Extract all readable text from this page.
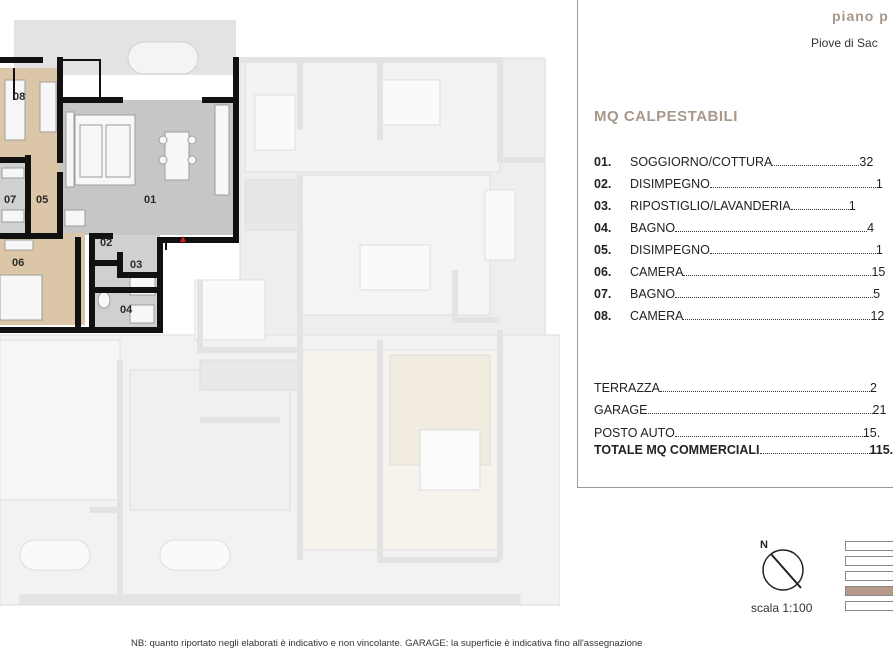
08
07 05	01
02
03
06
04
piano p
Piove di Sac
MQ CALPESTABILI
01.	SOGGIORNO/COTTURA	32
02.	DISIMPEGNO	1
03.	RIPOSTIGLIO/LAVANDERIA	1
04.	BAGNO	4
05.	DISIMPEGNO	1
06.	CAMERA	15
07.	BAGNO	5
08.	CAMERA	12
TERRAZZA	2
GARAGE	21
POSTO AUTO	15.
TOTALE MQ COMMERCIALI	115.
N
scala 1:100
NB: quanto riportato negli elaborati è indicativo e non vincolante. GARAGE: la superficie è indicativa fino all'assegnazione
